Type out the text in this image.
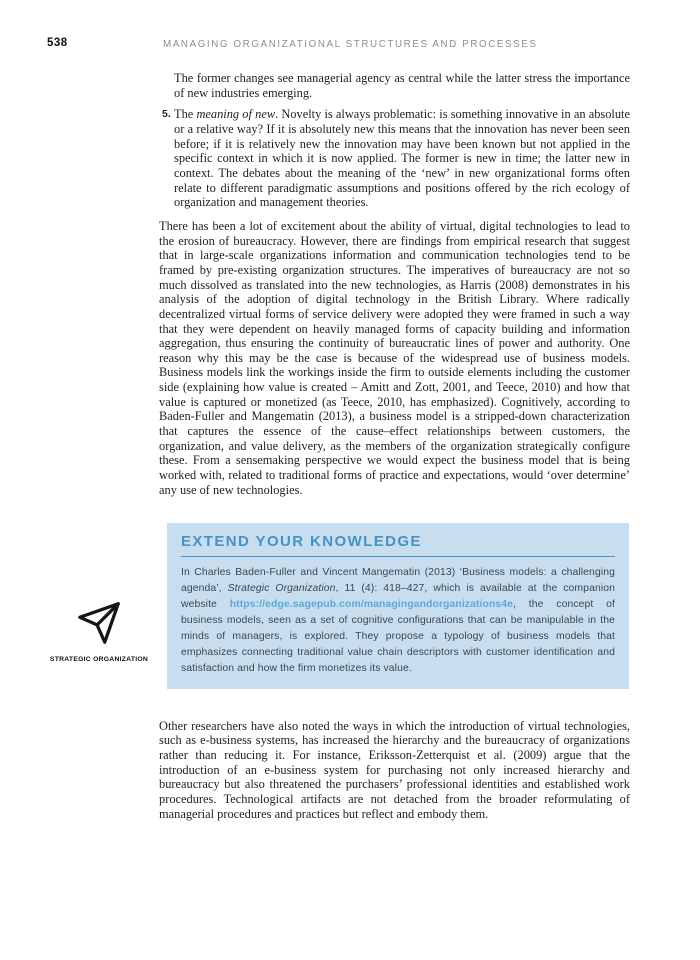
538	MANAGING ORGANIZATIONAL STRUCTURES AND PROCESSES

The former changes see managerial agency as central while the latter stress the importance of new industries emerging.

5. The meaning of new. Novelty is always problematic: is something innovative in an absolute or a relative way? If it is absolutely new this means that the innovation has never been seen before; if it is relatively new the innovation may have been known but not applied in the specific context in which it is now applied. The former is new in time; the latter new in context. The debates about the meaning of the ‘new’ in new organizational forms often relate to different paradigmatic assumptions and positions offered by the rich ecology of organization and management theories.

There has been a lot of excitement about the ability of virtual, digital technologies to lead to the erosion of bureaucracy. However, there are findings from empirical research that suggest that in large-scale organizations information and communication technologies tend to be framed by pre-existing organization structures. The imperatives of bureaucracy are not so much dissolved as translated into the new technologies, as Harris (2008) demonstrates in his analysis of the adoption of digital technology in the British Library. Where radically decentralized virtual forms of service delivery were adopted they were framed in such a way that they were dependent on heavily managed forms of capacity building and information aggregation, thus ensuring the continuity of bureaucratic lines of power and authority. One reason why this may be the case is because of the widespread use of business models. Business models link the workings inside the firm to outside elements including the customer side (explaining how value is created – Amitt and Zott, 2001, and Teece, 2010) and how that value is captured or monetized (as Teece, 2010, has emphasized). Cognitively, according to Baden-Fuller and Mangematin (2013), a business model is a stripped-down characterization that captures the essence of the cause–effect relationships between customers, the organization, and value delivery, as the members of the organization strategically configure these. From a sensemaking perspective we would expect the business model that is being worked with, related to traditional forms of practice and expectations, would ‘over determine’ any use of new technologies.

EXTEND YOUR KNOWLEDGE
In Charles Baden-Fuller and Vincent Mangematin (2013) ‘Business models: a challenging agenda’, Strategic Organization, 11 (4): 418–427, which is available at the companion website https://edge.sagepub.com/managingandorganizations4e, the concept of business models, seen as a set of cognitive configurations that can be manipulable in the minds of managers, is explored. They propose a typology of business models that emphasizes connecting traditional value chain descriptors with customer identification and satisfaction and how the firm monetizes its value.

Other researchers have also noted the ways in which the introduction of virtual technologies, such as e-business systems, has increased the hierarchy and the bureaucracy of organizations rather than reducing it. For instance, Eriksson-Zetterquist et al. (2009) argue that the introduction of an e-business system for purchasing not only increased hierarchy and bureaucracy but also threatened the purchasers’ professional identities and established work procedures. Technological artifacts are not detached from the broader reformulating of managerial procedures and practices but reflect and embody them.

STRATEGIC ORGANIZATION
